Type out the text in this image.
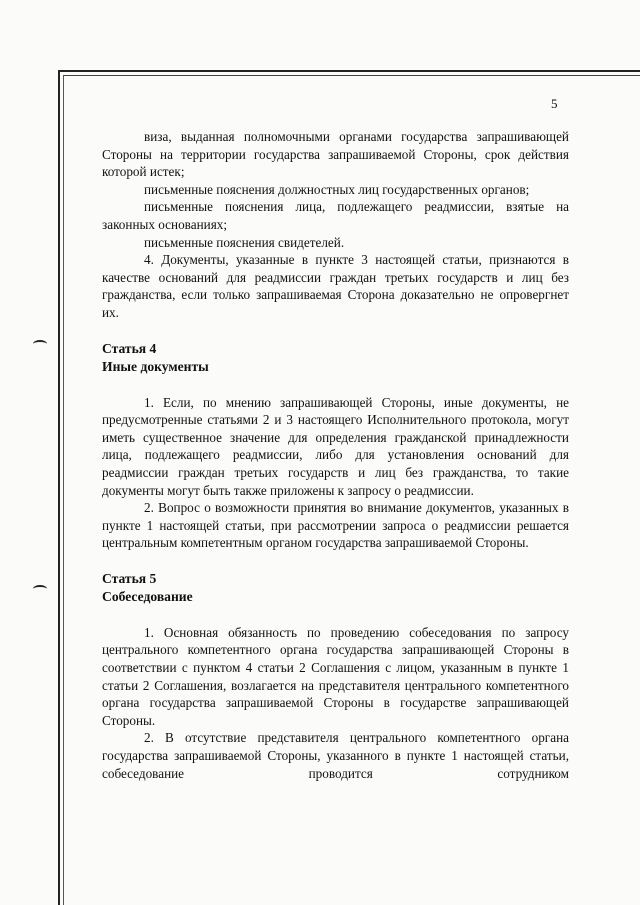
5

виза, выданная полномочными органами государства запрашивающей Стороны на территории государства запрашиваемой Стороны, срок действия которой истек;

письменные пояснения должностных лиц государственных органов;

письменные пояснения лица, подлежащего реадмиссии, взятые на законных основаниях;

письменные пояснения свидетелей.

4. Документы, указанные в пункте 3 настоящей статьи, признаются в качестве оснований для реадмиссии граждан третьих государств и лиц без гражданства, если только запрашиваемая Сторона доказательно не опровергнет их.

Статья 4

Иные документы

1. Если, по мнению запрашивающей Стороны, иные документы, не предусмотренные статьями 2 и 3 настоящего Исполнительного протокола, могут иметь существенное значение для определения гражданской принадлежности лица, подлежащего реадмиссии, либо для установления оснований для реадмиссии граждан третьих государств и лиц без гражданства, то такие документы могут быть также приложены к запросу о реадмиссии.

2. Вопрос о возможности принятия во внимание документов, указанных в пункте 1 настоящей статьи, при рассмотрении запроса о реадмиссии решается центральным компетентным органом государства запрашиваемой Стороны.

Статья 5

Собеседование

1. Основная обязанность по проведению собеседования по запросу центрального компетентного органа государства запрашивающей Стороны в соответствии с пунктом 4 статьи 2 Соглашения с лицом, указанным в пункте 1 статьи 2 Соглашения, возлагается на представителя центрального компетентного органа государства запрашиваемой Стороны в государстве запрашивающей Стороны.

2. В отсутствие представителя центрального компетентного органа государства запрашиваемой Стороны, указанного в пункте 1 настоящей статьи, собеседование проводится сотрудником
